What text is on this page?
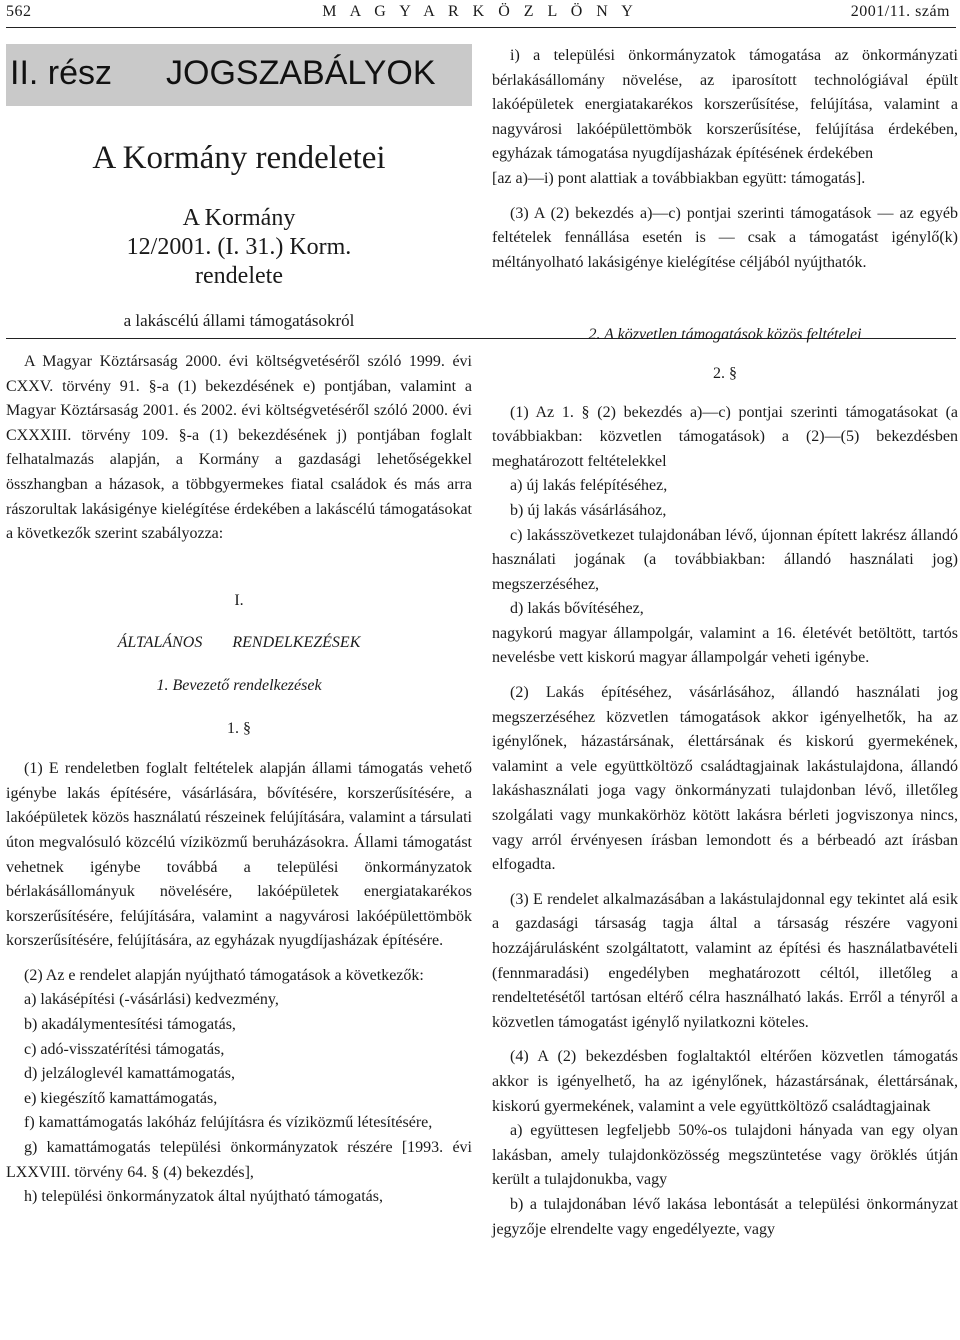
562	M A G Y A R K Ö Z L Ö N Y	2001/11. szám
II. rész JOGSZABÁLYOK

A Kormány rendeletei

A Kormány

12/2001. (I. 31.) Korm.

rendelete

a lakáscélú állami támogatásokról

A Magyar Köztársaság 2000. évi költségvetéséről szóló 1999. évi CXXV. törvény 91. §-a (1) bekezdésének e) pontjában, valamint a Magyar Köztársaság 2001. és 2002. évi költségvetéséről szóló 2000. évi CXXXIII. törvény 109. §-a (1) bekezdésének j) pontjában foglalt felhatalmazás alapján, a Kormány a gazdasági lehetőségekkel összhangban a házasok, a többgyermekes fiatal családok és más arra rászorultak lakásigénye kielégítése érdekében a lakáscélú támogatásokat a következők szerint szabályozza:

I.

ÁLTALÁNOS RENDELKEZÉSEK

1. Bevezető rendelkezések

1. §

(1) E rendeletben foglalt feltételek alapján állami támogatás vehető igénybe lakás építésére, vásárlására, bővítésére, korszerűsítésére, a lakóépületek közös használatú részeinek felújítására, valamint a társulati úton megvalósuló közcélú víziközmű beruházásokra. Állami támogatást vehetnek igénybe továbbá a települési önkormányzatok bérlakásállományuk növelésére, lakóépületek energiatakarékos korszerűsítésére, felújítására, valamint a nagyvárosi lakóépülettömbök korszerűsítésére, felújítására, az egyházak nyugdíjasházak építésére.

(2) Az e rendelet alapján nyújtható támogatások a következők:

a) lakásépítési (-vásárlási) kedvezmény,

b) akadálymentesítési támogatás,

c) adó-visszatérítési támogatás,

d) jelzáloglevél kamattámogatás,

e) kiegészítő kamattámogatás,

f) kamattámogatás lakóház felújításra és víziközmű létesítésére,

g) kamattámogatás települési önkormányzatok részére [1993. évi LXXVIII. törvény 64. § (4) bekezdés],

h) települési önkormányzatok által nyújtható támogatás,

i) a települési önkormányzatok támogatása az önkormányzati bérlakásállomány növelése, az iparosított technológiával épült lakóépületek energiatakarékos korszerűsítése, felújítása, valamint a nagyvárosi lakóépülettömbök korszerűsítése, felújítása érdekében, egyházak támogatása nyugdíjasházak építésének érdekében

[az a)—i) pont alattiak a továbbiakban együtt: támogatás].

(3) A (2) bekezdés a)—c) pontjai szerinti támogatások — az egyéb feltételek fennállása esetén is — csak a támogatást igénylő(k) méltányolható lakásigénye kielégítése céljából nyújthatók.

2. A közvetlen támogatások közös feltételei

2. §

(1) Az 1. § (2) bekezdés a)—c) pontjai szerinti támogatásokat (a továbbiakban: közvetlen támogatások) a (2)—(5) bekezdésben meghatározott feltételekkel

a) új lakás felépítéséhez,

b) új lakás vásárlásához,

c) lakásszövetkezet tulajdonában lévő, újonnan épített lakrész állandó használati jogának (a továbbiakban: állandó használati jog) megszerzéséhez,

d) lakás bővítéséhez,

nagykorú magyar állampolgár, valamint a 16. életévét betöltött, tartós nevelésbe vett kiskorú magyar állampolgár veheti igénybe.

(2) Lakás építéséhez, vásárlásához, állandó használati jog megszerzéséhez közvetlen támogatások akkor igényelhetők, ha az igénylőnek, házastársának, élettársának és kiskorú gyermekének, valamint a vele együttköltöző családtagjainak lakástulajdona, állandó lakáshasználati joga vagy önkormányzati tulajdonban lévő, illetőleg szolgálati vagy munkakörhöz kötött lakásra bérleti jogviszonya nincs, vagy arról érvényesen írásban lemondott és a bérbeadó azt írásban elfogadta.

(3) E rendelet alkalmazásában a lakástulajdonnal egy tekintet alá esik a gazdasági társaság tagja által a társaság részére vagyoni hozzájárulásként szolgáltatott, valamint az építési és használatbavételi (fennmaradási) engedélyben meghatározott céltól, illetőleg a rendeltetésétől tartósan eltérő célra használható lakás. Erről a tényről a közvetlen támogatást igénylő nyilatkozni köteles.

(4) A (2) bekezdésben foglaltaktól eltérően közvetlen támogatás akkor is igényelhető, ha az igénylőnek, házastársának, élettársának, kiskorú gyermekének, valamint a vele együttköltöző családtagjainak

a) együttesen legfeljebb 50%-os tulajdoni hányada van egy olyan lakásban, amely tulajdonközösség megszüntetése vagy öröklés útján került a tulajdonukba, vagy

b) a tulajdonában lévő lakása lebontását a települési önkormányzat jegyzője elrendelte vagy engedélyezte, vagy
